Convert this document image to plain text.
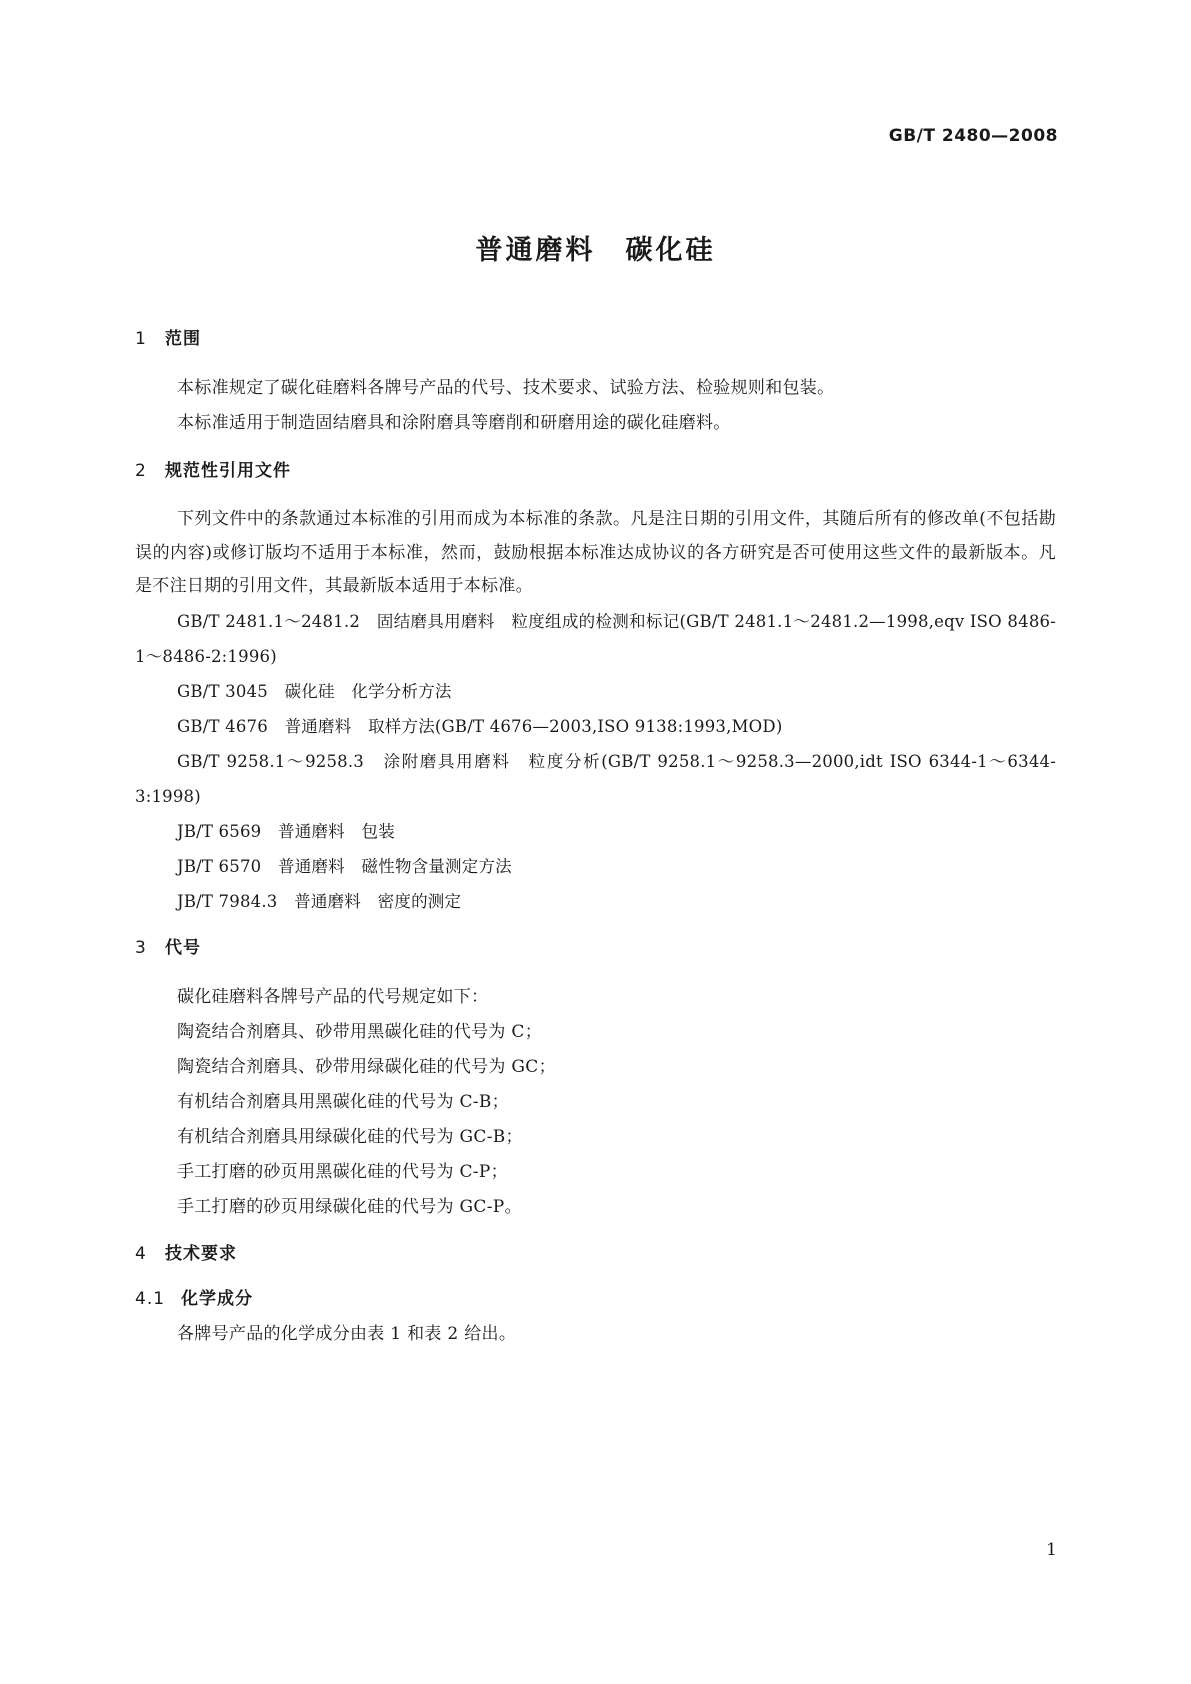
GB/T 2480—2008
普通磨料　碳化硅
1 范围
本标准规定了碳化硅磨料各牌号产品的代号、技术要求、试验方法、检验规则和包装。
本标准适用于制造固结磨具和涂附磨具等磨削和研磨用途的碳化硅磨料。
2 规范性引用文件
下列文件中的条款通过本标准的引用而成为本标准的条款。凡是注日期的引用文件，其随后所有的修改单(不包括勘误的内容)或修订版均不适用于本标准，然而，鼓励根据本标准达成协议的各方研究是否可使用这些文件的最新版本。凡是不注日期的引用文件，其最新版本适用于本标准。
GB/T 2481.1～2481.2　固结磨具用磨料　粒度组成的检测和标记(GB/T 2481.1～2481.2—1998,eqv ISO 8486-1～8486-2:1996)
GB/T 3045　碳化硅　化学分析方法
GB/T 4676　普通磨料　取样方法(GB/T 4676—2003,ISO 9138:1993,MOD)
GB/T 9258.1～9258.3　涂附磨具用磨料　粒度分析(GB/T 9258.1～9258.3—2000,idt ISO 6344-1～6344-3:1998)
JB/T 6569　普通磨料　包装
JB/T 6570　普通磨料　磁性物含量测定方法
JB/T 7984.3　普通磨料　密度的测定
3 代号
碳化硅磨料各牌号产品的代号规定如下：
陶瓷结合剂磨具、砂带用黑碳化硅的代号为 C；
陶瓷结合剂磨具、砂带用绿碳化硅的代号为 GC；
有机结合剂磨具用黑碳化硅的代号为 C-B；
有机结合剂磨具用绿碳化硅的代号为 GC-B；
手工打磨的砂页用黑碳化硅的代号为 C-P；
手工打磨的砂页用绿碳化硅的代号为 GC-P。
4 技术要求
4.1 化学成分
各牌号产品的化学成分由表 1 和表 2 给出。
1
